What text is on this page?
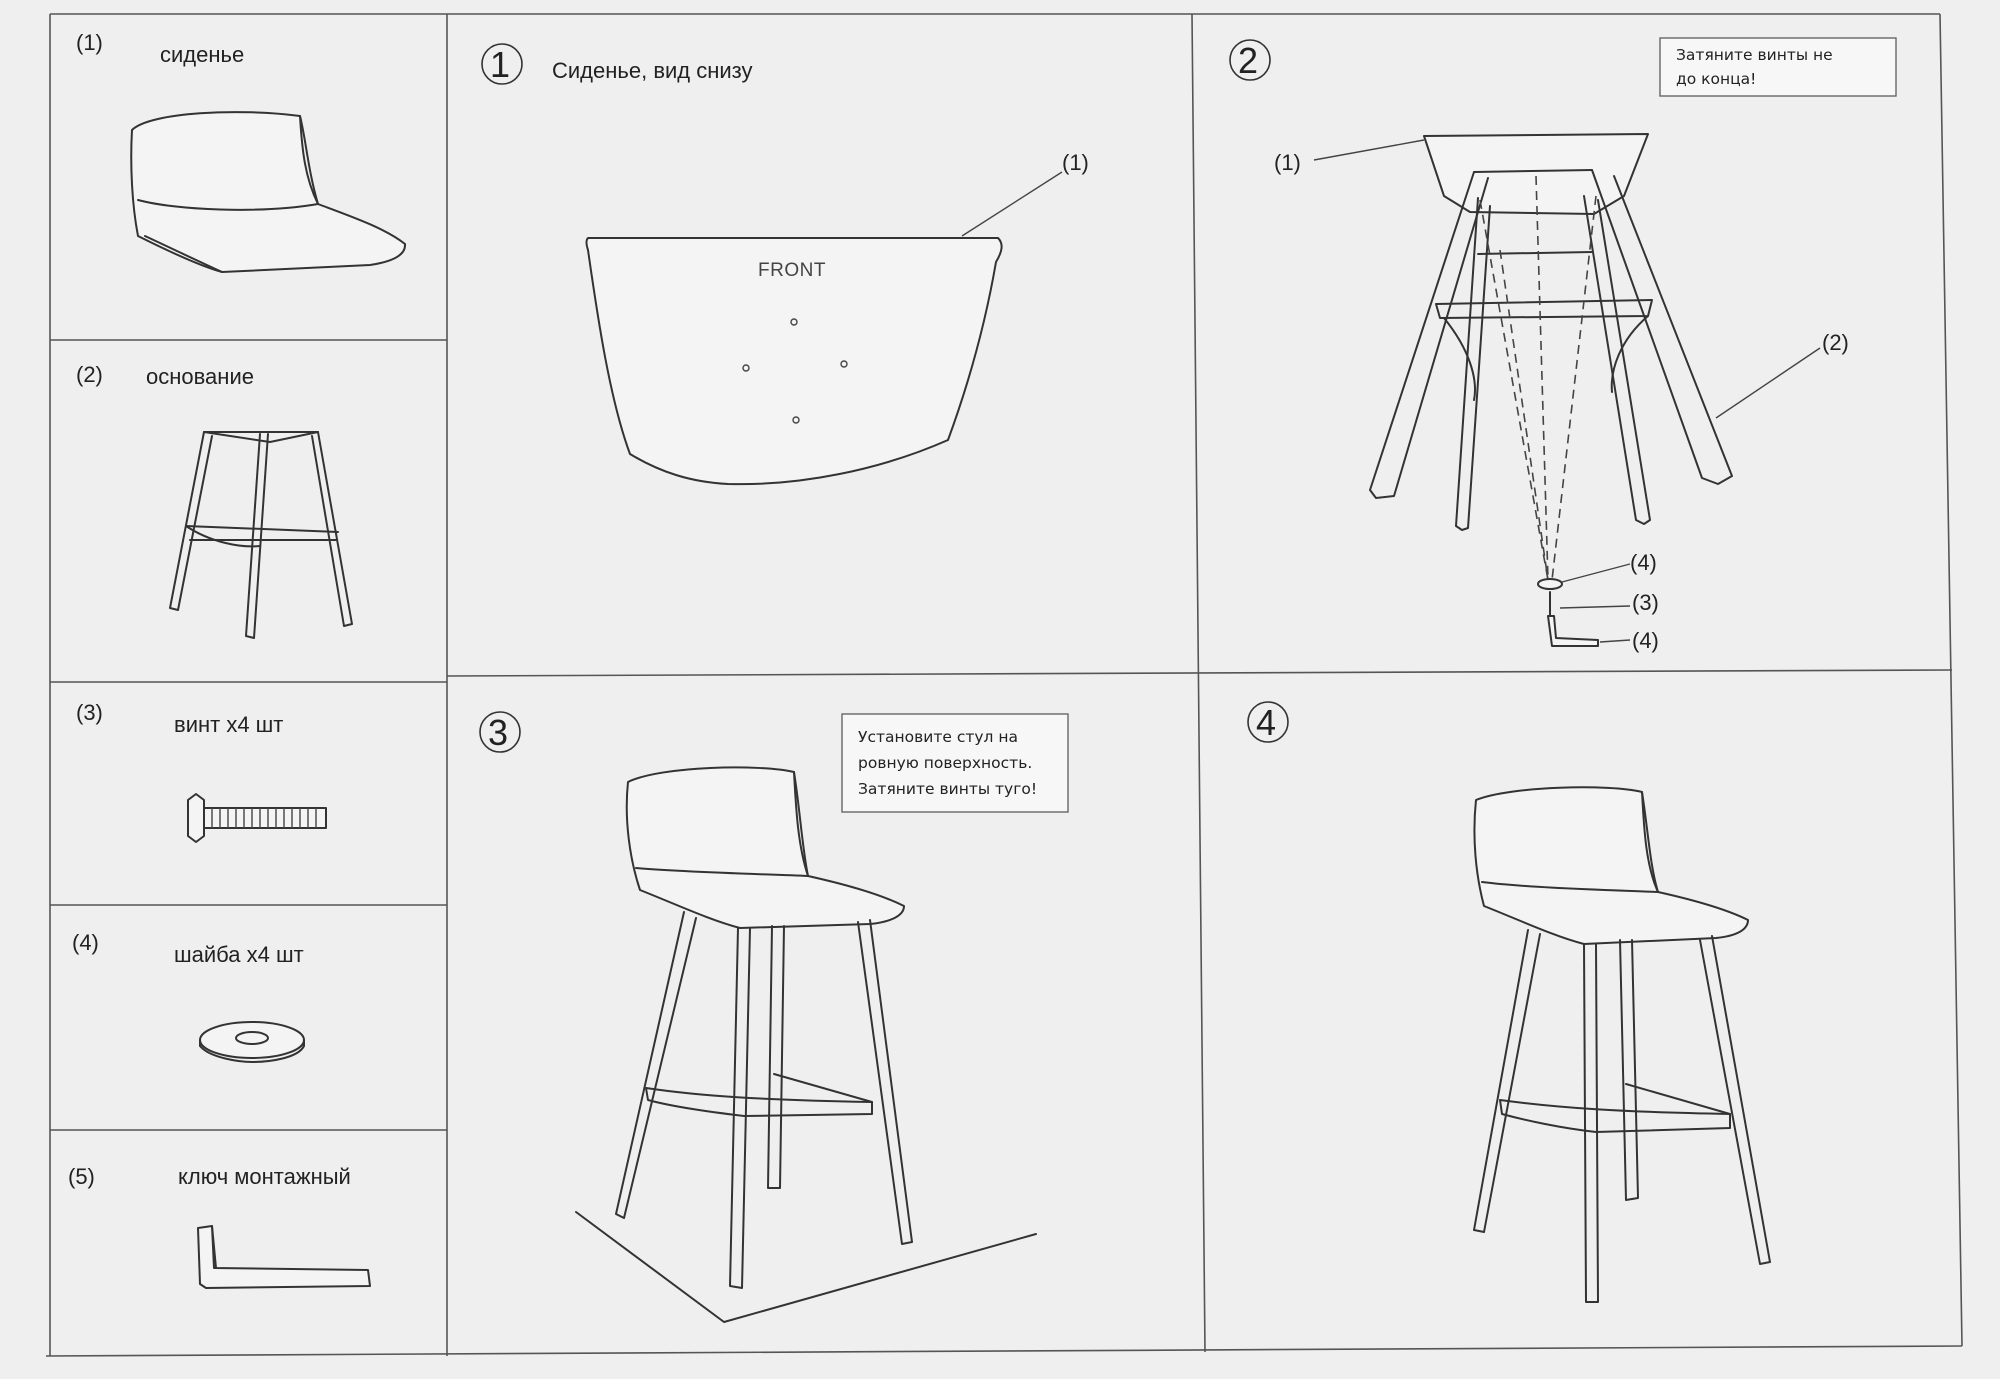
(1)	сиденье
(2) основание
(3)	винт x4 шт
(4)	шайба x4 шт
(5)	ключ монтажный
1 Сиденье, вид снизу
FRONT
(1)
2	Затяните винты не
до конца!
(1)
(2)
(4)
(3)
(4)
3	Установите стул на
ровную поверхность.
Затяните винты туго!
4
